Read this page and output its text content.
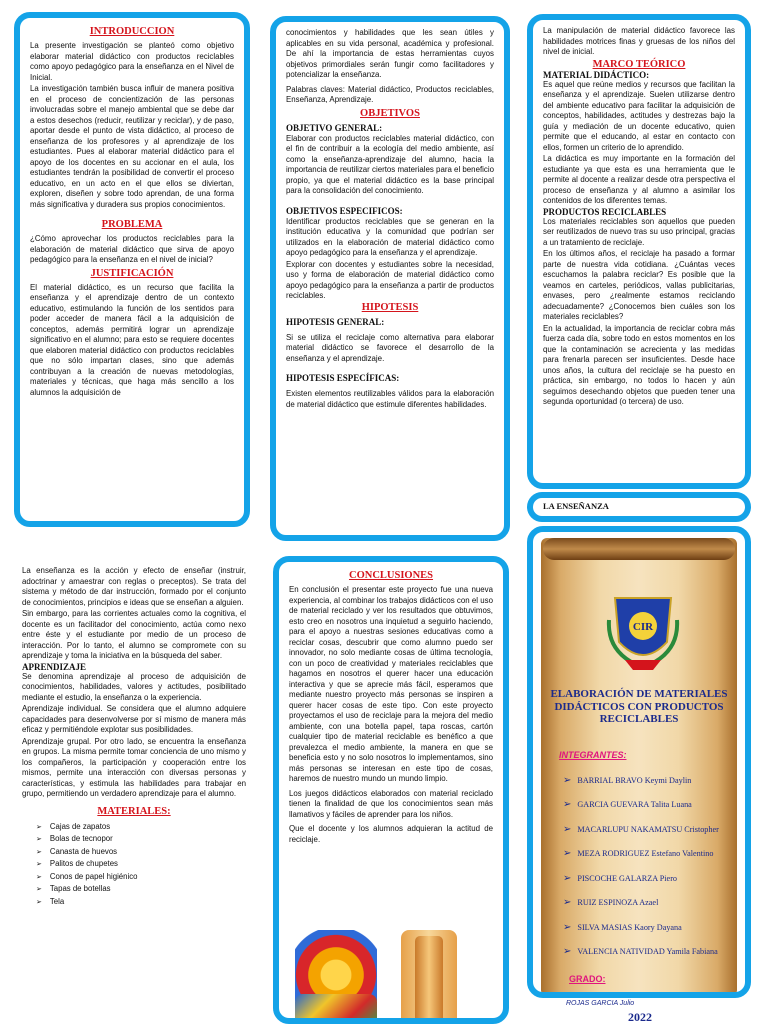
INTRODUCCION

La presente investigación se planteó como objetivo elaborar material didáctico con productos reciclables como apoyo pedagógico para la enseñanza en el Nivel de Inicial.

La investigación también busca influir de manera positiva en el proceso de concientización de las personas involucradas sobre el manejo ambiental que se debe dar a estos desechos (reducir, reutilizar y reciclar), y de paso, aportar desde el punto de vista didáctico, al proceso de enseñanza de los profesores y al aprendizaje de los estudiantes. Pues al elaborar material didáctico para el apoyo de los docentes en su accionar en el aula, los estudiantes tendrán la posibilidad de convertir el proceso educativo, en un acto en el que ellos se diviertan, exploren, diseñen y sobre todo aprendan, de una forma más significativa y duradera sus propios conocimientos.

PROBLEMA

¿Cómo aprovechar los productos reciclables para la elaboración de material didáctico que sirva de apoyo pedagógico para la enseñanza en el nivel de inicial?

JUSTIFICACIÓN

El material didáctico, es un recurso que facilita la enseñanza y el aprendizaje dentro de un contexto educativo, estimulando la función de los sentidos para poder acceder de manera fácil a la adquisición de conceptos, además permitirá lograr un aprendizaje significativo en el alumno; para esto se requiere docentes que elaboren material didáctico con productos reciclables que no sólo impartan clases, sino que además contribuyan a la creación de nuevas metodologías, materiales y técnicas, que haga más sencillo a los alumnos la adquisición de

conocimientos y habilidades que les sean útiles y aplicables en su vida personal, académica y profesional. De ahí la importancia de estas herramientas cuyos objetivos primordiales serán fungir como facilitadores y potencializar la enseñanza.

Palabras claves: Material didáctico, Productos reciclables, Enseñanza, Aprendizaje.

OBJETIVOS
OBJETIVO GENERAL:

Elaborar con productos reciclables material didáctico, con el fin de contribuir a la ecología del medio ambiente, así como la enseñanza-aprendizaje del alumno, hacia la importancia de reutilizar ciertos materiales para el beneficio propio, ya que el material didáctico es la base principal para la consolidación del conocimiento.

OBJETIVOS ESPECIFICOS:

Identificar productos reciclables que se generan en la institución educativa y la comunidad que podrían ser utilizados en la elaboración de material didáctico como apoyo pedagógico para la enseñanza y el aprendizaje.

Explorar con docentes y estudiantes sobre la necesidad, uso y forma de elaboración de material didáctico como apoyo pedagógico para la enseñanza a partir de productos reciclables.

HIPOTESIS
HIPOTESIS GENERAL:

Si se utiliza el reciclaje como alternativa para elaborar material didáctico se favorece el desarrollo de la enseñanza y el aprendizaje.

HIPOTESIS ESPECÍFICAS:

Existen elementos reutilizables válidos para la elaboración de material didáctico que estimule diferentes habilidades.

La manipulación de material didáctico favorece las habilidades motrices finas y gruesas de los niños del nivel de inicial.

MARCO TEÓRICO
MATERIAL DIDÁCTICO:

Es aquel que reúne medios y recursos que facilitan la enseñanza y el aprendizaje. Suelen utilizarse dentro del ambiente educativo para facilitar la adquisición de conceptos, habilidades, actitudes y destrezas bajo la guía y mediación de un docente educativo, quien permite que el educando, al estar en contacto con ellos, formen un criterio de lo aprendido.

La didáctica es muy importante en la formación del estudiante ya que esta es una herramienta que le permite al docente a realizar desde otra perspectiva el proceso de enseñanza y al alumno a asimilar los contenidos de los diferentes temas.

PRODUCTOS RECICLABLES

Los materiales reciclables son aquellos que pueden ser reutilizados de nuevo tras su uso principal, gracias a un tratamiento de reciclaje.

En los últimos años, el reciclaje ha pasado a formar parte de nuestra vida cotidiana. ¿Cuántas veces escuchamos la palabra reciclar? Es posible que la veamos en carteles, periódicos, vallas publicitarias, envases, pero ¿realmente estamos reciclando adecuadamente? ¿Conocemos bien cuáles son los materiales reciclables?

En la actualidad, la importancia de reciclar cobra más fuerza cada día, sobre todo en estos momentos en los que la contaminación se acrecienta y las medidas para frenarla parecen ser insuficientes. Desde hace unos años, la cultura del reciclaje se ha puesto en práctica, sin embargo, no todos lo hacen y aún seguimos desechando objetos que pueden tener una segunda oportunidad (o tercera) de uso.

LA ENSEÑANZA

La enseñanza es la acción y efecto de enseñar (instruir, adoctrinar y amaestrar con reglas o preceptos). Se trata del sistema y método de dar instrucción, formado por el conjunto de conocimientos, principios e ideas que se enseñan a alguien.

Sin embargo, para las corrientes actuales como la cognitiva, el docente es un facilitador del conocimiento, actúa como nexo entre éste y el estudiante por medio de un proceso de interacción. Por lo tanto, el alumno se compromete con su aprendizaje y toma la iniciativa en la búsqueda del saber.

APRENDIZAJE

Se denomina aprendizaje al proceso de adquisición de conocimientos, habilidades, valores y actitudes, posibilitado mediante el estudio, la enseñanza o la experiencia.

Aprendizaje individual. Se considera que el alumno adquiere capacidades para desenvolverse por sí mismo de manera más eficaz y permitiéndole explotar sus posibilidades.

Aprendizaje grupal. Por otro lado, se encuentra la enseñanza en grupos. La misma permite tomar conciencia de uno mismo y los compañeros, la participación y cooperación entre los mismos, permite una interacción con diversas personas y características, y estimula las habilidades para trabajar en grupo, permitiendo un verdadero aprendizaje para el alumno.

MATERIALES:
➢ Cajas de zapatos
➢ Bolas de tecnopor
➢ Canasta de huevos
➢ Palitos de chupetes
➢ Conos de papel higiénico
➢ Tapas de botellas
➢ Tela
CONCLUSIONES

En conclusión el presentar este proyecto fue una nueva experiencia, al combinar los trabajos didácticos con el uso de material reciclado y ver los resultados que obtuvimos, esto creo en nosotros una inquietud a seguirlo haciendo, para el apoyo a nuestras sesiones educativas como a reciclar cosas, descubrir que como alumno puedo ser innovador, no solo mediante cosas de última tecnología, con un poco de creatividad y materiales reciclables que hagamos en nosotros el querer hacer una educación interactiva y que se aprecie más fácil, esperamos que mediante nuestro proyecto más personas se inspiren a querer hacer cosas de este tipo. Con este proyecto proyectamos el uso de reciclaje para la mejora del medio ambiente, con una botella papel, tapa roscas, cartón cualquier tipo de material reciclable es benéfico a que prevalezca el medio ambiente, la manera en que se beneficia esto y no solo nosotros lo implementamos, sino más personas se interesan en este tipo de cosas, haremos de nuestro mundo un mundo limpio.

Los juegos didácticos elaborados con material reciclado tienen la finalidad de que los conocimientos sean más llamativos y fáciles de aprender para los niños.

Que el docente y los alumnos adquieran la actitud de reciclaje.

CIR
ELABORACIÓN DE MATERIALES DIDÁCTICOS CON PRODUCTOS RECICLABLES
INTEGRANTES:
➢ BARRIAL BRAVO Keymi Daylin
➢ GARCIA GUEVARA Talita Luana
➢ MACARLUPU NAKAMATSU Cristopher
➢ MEZA RODRIGUEZ Estefano Valentino
➢ PISCOCHE GALARZA Piero
➢ RUIZ ESPINOZA Azael
➢ SILVA MASIAS Kaory Dayana
➢ VALENCIA NATIVIDAD Yamila Fabiana
GRADO:
ROJAS GARCIA Julio
2022
